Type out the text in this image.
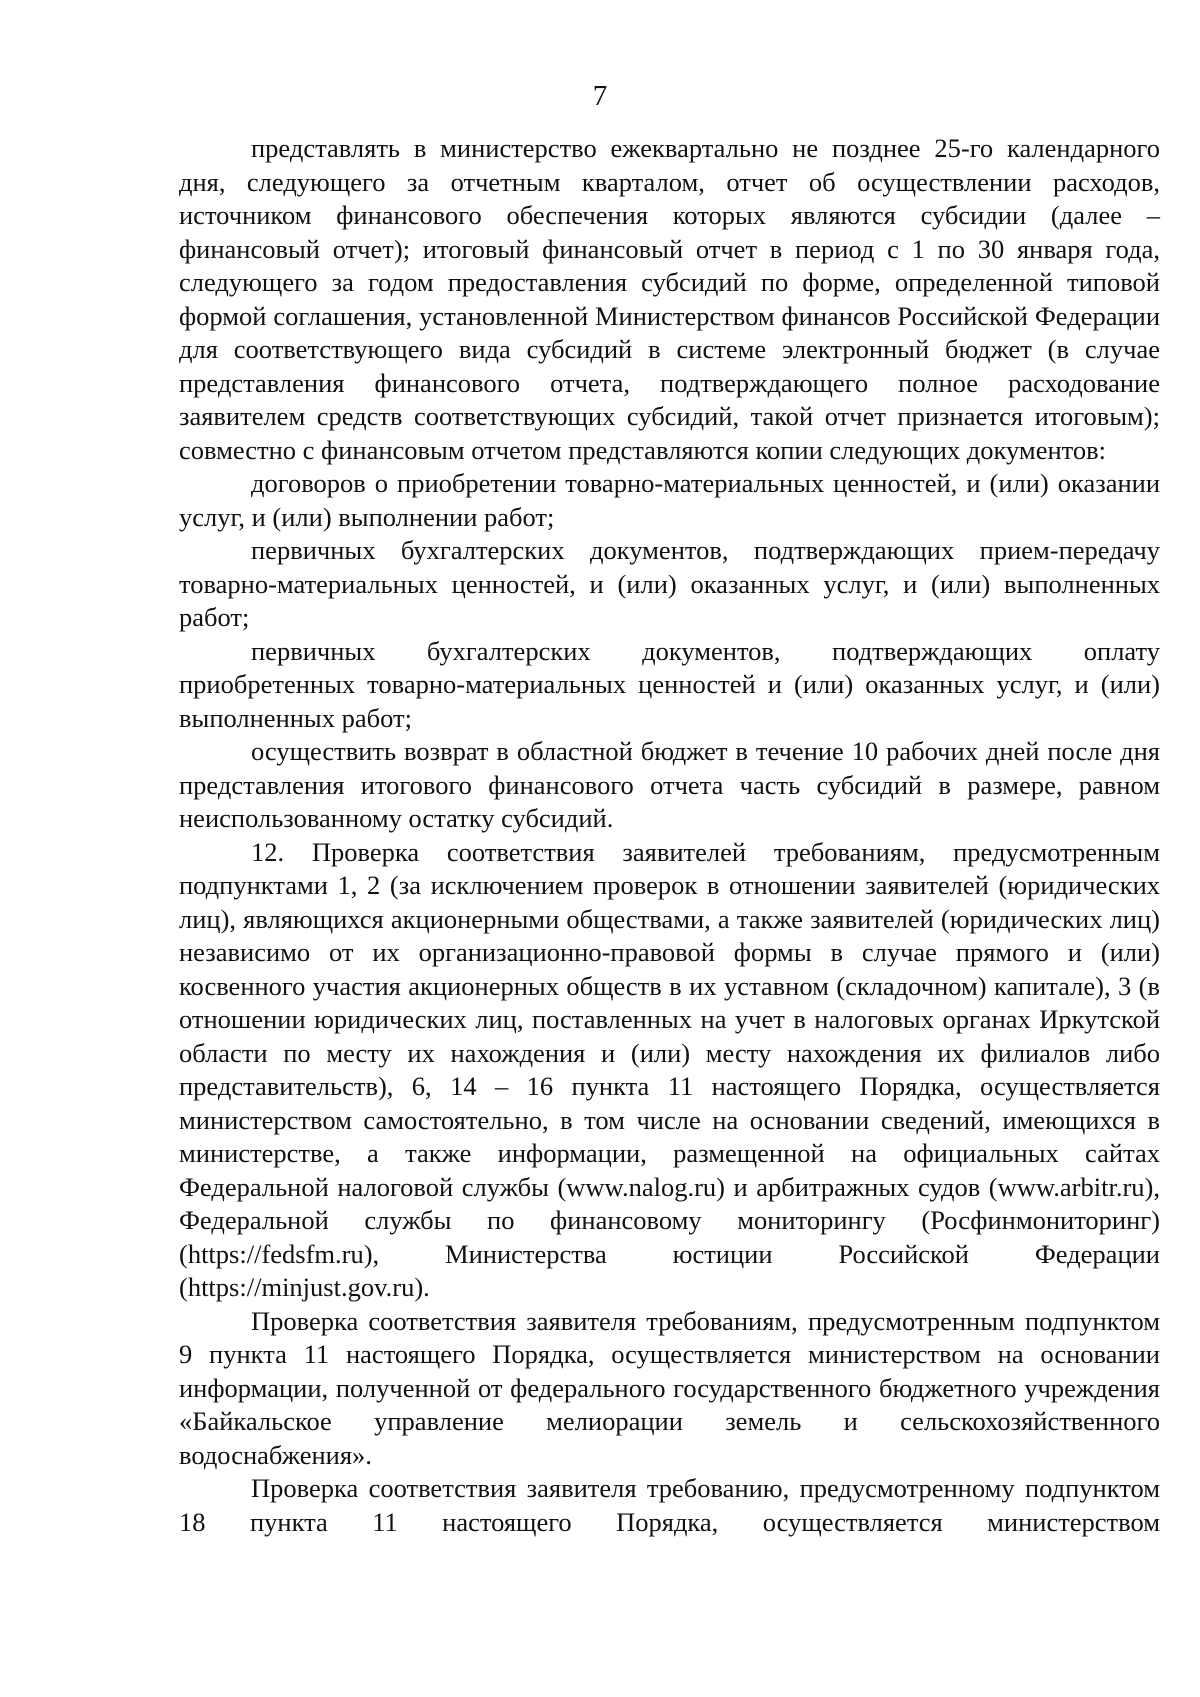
7

представлять в министерство ежеквартально не позднее 25-го календарного дня, следующего за отчетным кварталом, отчет об осуществлении расходов, источником финансового обеспечения которых являются субсидии (далее – финансовый отчет); итоговый финансовый отчет в период с 1 по 30 января года, следующего за годом предоставления субсидий по форме, определенной типовой формой соглашения, установленной Министерством финансов Российской Федерации для соответствующего вида субсидий в системе электронный бюджет (в случае представления финансового отчета, подтверждающего полное расходование заявителем средств соответствующих субсидий, такой отчет признается итоговым); совместно с финансовым отчетом представляются копии следующих документов:

договоров о приобретении товарно-материальных ценностей, и (или) оказании услуг, и (или) выполнении работ;

первичных бухгалтерских документов, подтверждающих прием-передачу товарно-материальных ценностей, и (или) оказанных услуг, и (или) выполненных работ;

первичных бухгалтерских документов, подтверждающих оплату приобретенных товарно-материальных ценностей и (или) оказанных услуг, и (или) выполненных работ;

осуществить возврат в областной бюджет в течение 10 рабочих дней после дня представления итогового финансового отчета часть субсидий в размере, равном неиспользованному остатку субсидий.

12. Проверка соответствия заявителей требованиям, предусмотренным подпунктами 1, 2 (за исключением проверок в отношении заявителей (юридических лиц), являющихся акционерными обществами, а также заявителей (юридических лиц) независимо от их организационно-правовой формы в случае прямого и (или) косвенного участия акционерных обществ в их уставном (складочном) капитале), 3 (в отношении юридических лиц, поставленных на учет в налоговых органах Иркутской области по месту их нахождения и (или) месту нахождения их филиалов либо представительств), 6, 14 – 16 пункта 11 настоящего Порядка, осуществляется министерством самостоятельно, в том числе на основании сведений, имеющихся в министерстве, а также информации, размещенной на официальных сайтах Федеральной налоговой службы (www.nalog.ru) и арбитражных судов (www.arbitr.ru), Федеральной службы по финансовому мониторингу (Росфинмониторинг) (https://fedsfm.ru), Министерства юстиции Российской Федерации (https://minjust.gov.ru).

Проверка соответствия заявителя требованиям, предусмотренным подпунктом 9 пункта 11 настоящего Порядка, осуществляется министерством на основании информации, полученной от федерального государственного бюджетного учреждения «Байкальское управление мелиорации земель и сельскохозяйственного водоснабжения».

Проверка соответствия заявителя требованию, предусмотренному подпунктом 18 пункта 11 настоящего Порядка, осуществляется министерством
